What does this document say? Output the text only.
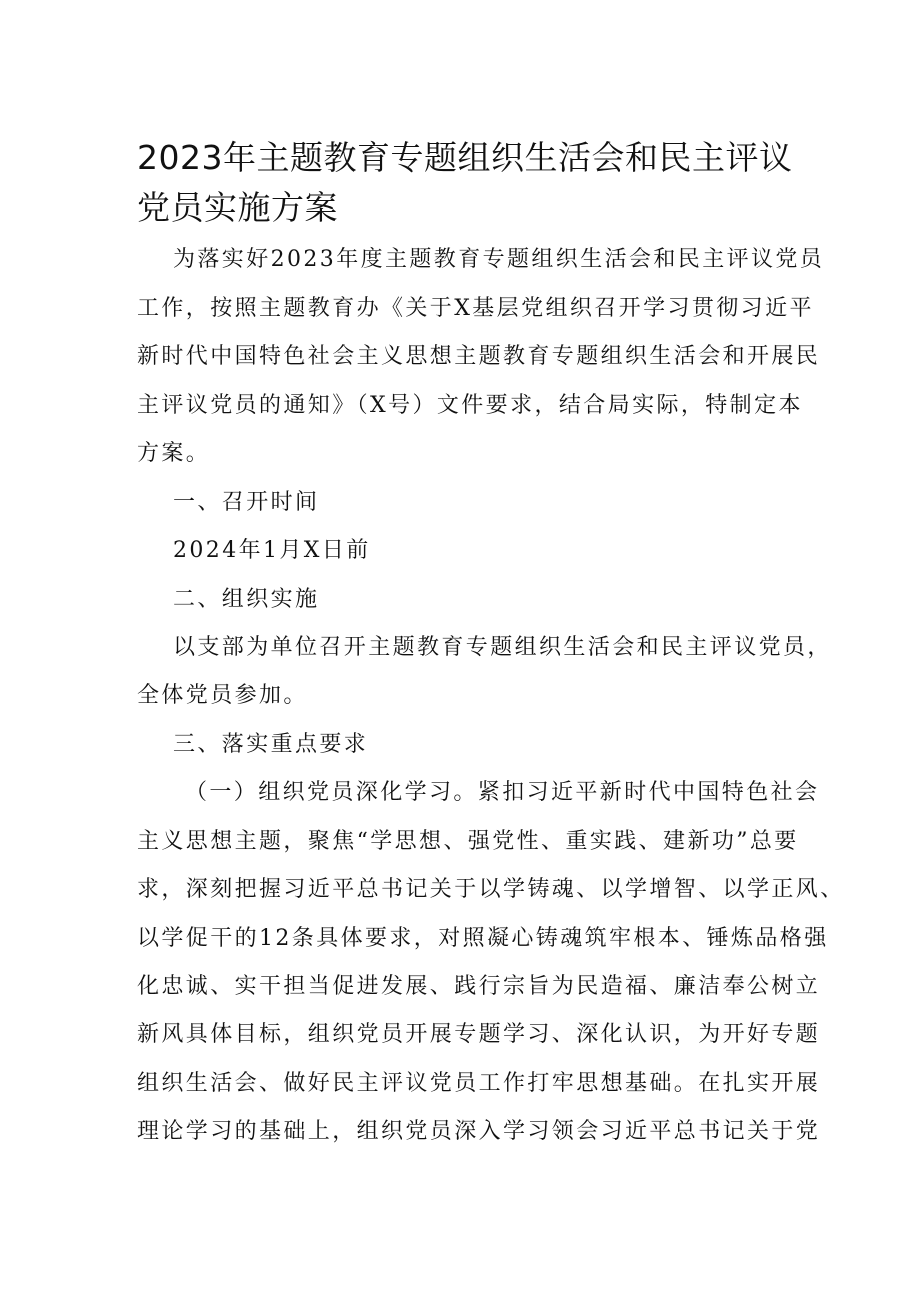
2023年主题教育专题组织生活会和民主评议
党员实施方案

为落实好2023年度主题教育专题组织生活会和民主评议党员

工作，按照主题教育办《关于X基层党组织召开学习贯彻习近平

新时代中国特色社会主义思想主题教育专题组织生活会和开展民

主评议党员的通知》（X号）文件要求，结合局实际，特制定本

方案。

一、召开时间

2024年1月X日前

二、组织实施

以支部为单位召开主题教育专题组织生活会和民主评议党员，

全体党员参加。

三、落实重点要求

（一）组织党员深化学习。紧扣习近平新时代中国特色社会

主义思想主题，聚焦“学思想、强党性、重实践、建新功”总要

求，深刻把握习近平总书记关于以学铸魂、以学增智、以学正风、

以学促干的12条具体要求，对照凝心铸魂筑牢根本、锤炼品格强

化忠诚、实干担当促进发展、践行宗旨为民造福、廉洁奉公树立

新风具体目标，组织党员开展专题学习、深化认识，为开好专题

组织生活会、做好民主评议党员工作打牢思想基础。在扎实开展

理论学习的基础上，组织党员深入学习领会习近平总书记关于党
